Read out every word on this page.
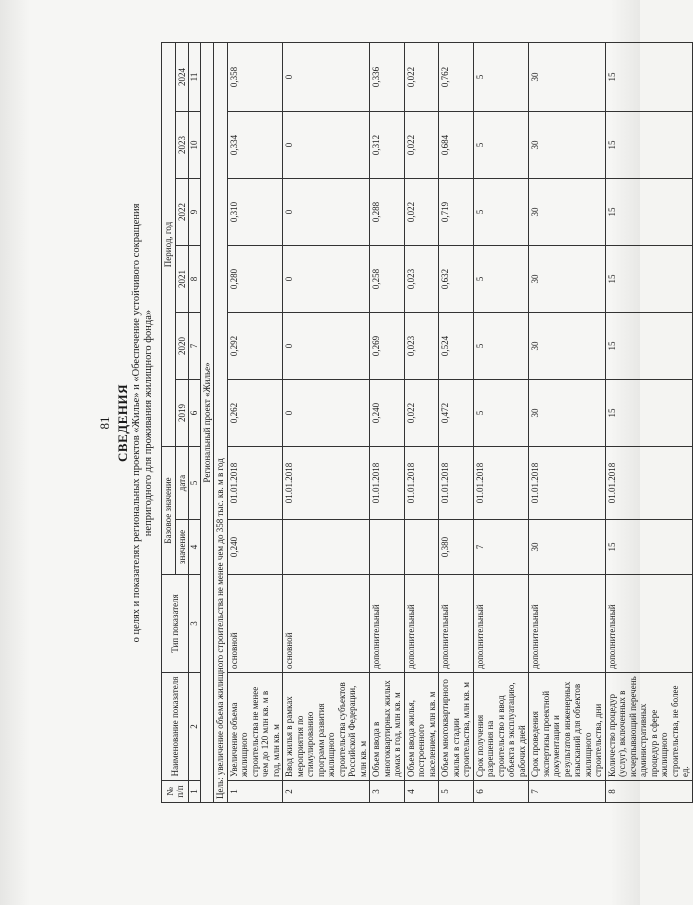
81 СВЕДЕНИЯ о целях и показателях региональных проектов «Жилье» и «Обеспечение устойчивого сокращения непригодного для проживания жилищного фонда»
№ п/п	Наименование показателя	Тип показателя	Базовое значение		Период, год					
			значение	дата	2019	2020	2021	2022	2023	2024

1	2	3	4	5	6	7	8	9	10	11
Региональный проект «Жилье»										
Цель: увеличение объема жилищного строительства не менее чем до 358 тыс. кв. м в год										
1	Увеличение объема жилищного строительства не менее чем до 120 млн кв. м в год, млн кв. м	основной	0,240	01.01.2018	0,262	0,292	0,280	0,310	0,334	0,358
2	Ввод жилья в рамках мероприятия по стимулированию программ развития жилищного строительства субъектов Российской Федерации, млн кв. м	основной		01.01.2018	0	0	0	0	0	0
3	Объем ввода в многоквартирных жилых домах в год, млн кв. м	дополнительный		01.01.2018	0,240	0,269	0,258	0,288	0,312	0,336
4	Объем ввода жилья, построенного населением, млн кв. м	дополнительный		01.01.2018	0,022	0,023	0,023	0,022	0,022	0,022
5	Объем многоквартирного жилья в стадии строительства, млн кв. м	дополнительный	0,380	01.01.2018	0,472	0,524	0,632	0,719	0,684	0,762
6	Срок получения разрешения на строительство и ввод объекта в эксплуатацию, рабочих дней	дополнительный	7	01.01.2018	5	5	5	5	5	5
7	Срок проведения экспертизы проектной документации и результатов инженерных изысканий для объектов жилищного строительства, дни	дополнительный	30	01.01.2018	30	30	30	30	30	30
8	Количество процедур (услуг), включенных в исчерпывающий перечень административных процедур в сфере жилищного строительства, не более ед.	дополнительный	15	01.01.2018	15	15	15	15	15	15
